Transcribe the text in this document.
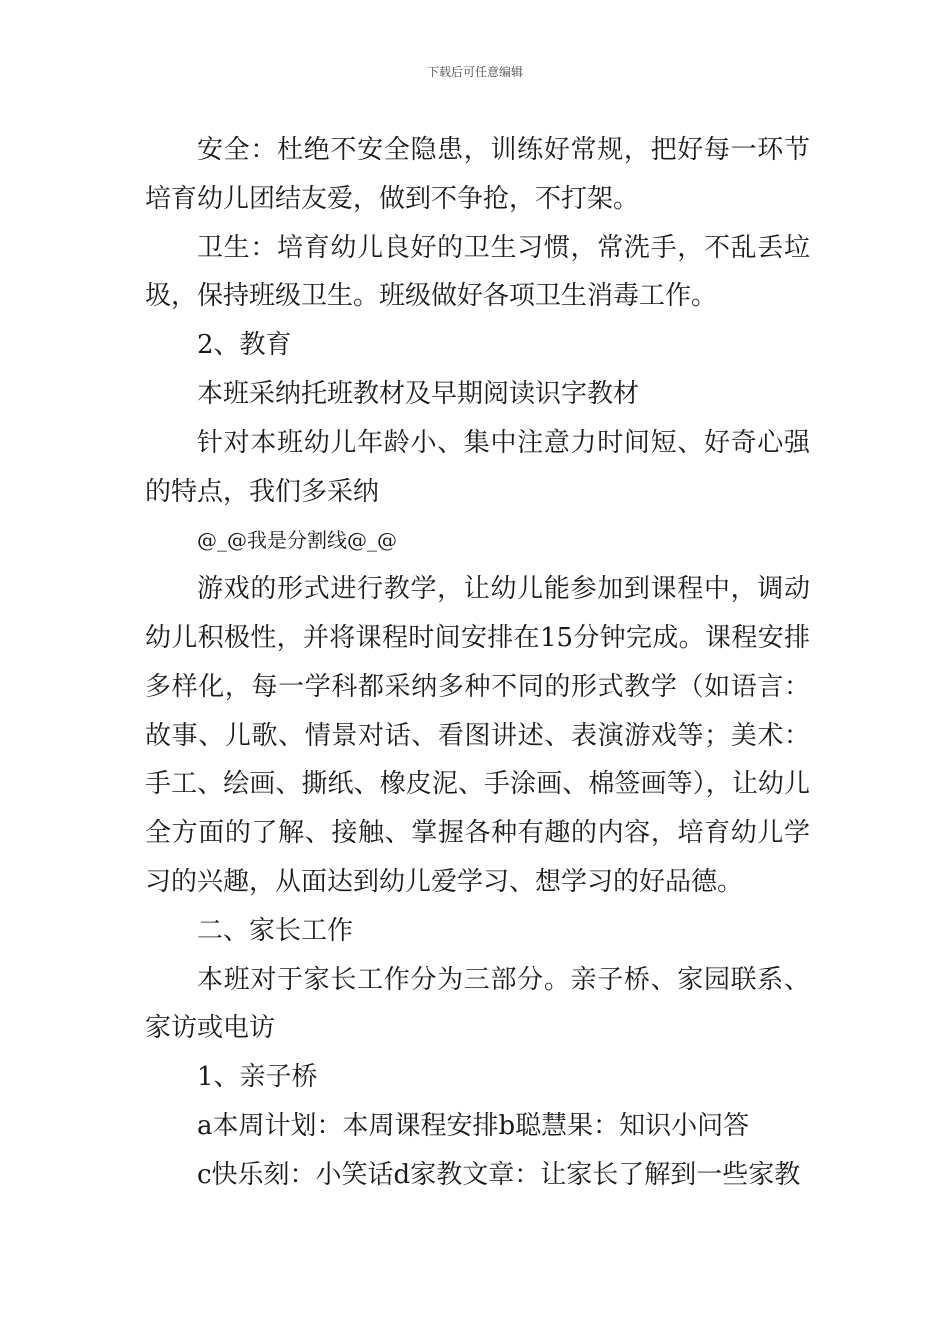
下载后可任意编辑

安全：杜绝不安全隐患，训练好常规，把好每一环节培育幼儿团结友爱，做到不争抢，不打架。

卫生：培育幼儿良好的卫生习惯，常洗手，不乱丢垃圾，保持班级卫生。班级做好各项卫生消毒工作。

2、教育

本班采纳托班教材及早期阅读识字教材

针对本班幼儿年龄小、集中注意力时间短、好奇心强的特点，我们多采纳

@_@我是分割线@_@

游戏的形式进行教学，让幼儿能参加到课程中，调动幼儿积极性，并将课程时间安排在15分钟完成。课程安排多样化，每一学科都采纳多种不同的形式教学（如语言：故事、儿歌、情景对话、看图讲述、表演游戏等；美术：手工、绘画、撕纸、橡皮泥、手涂画、棉签画等），让幼儿全方面的了解、接触、掌握各种有趣的内容，培育幼儿学习的兴趣，从面达到幼儿爱学习、想学习的好品德。

二、家长工作

本班对于家长工作分为三部分。亲子桥、家园联系、家访或电访

1、亲子桥

a本周计划：本周课程安排b聪慧果：知识小问答

c快乐刻：小笑话d家教文章：让家长了解到一些家教
